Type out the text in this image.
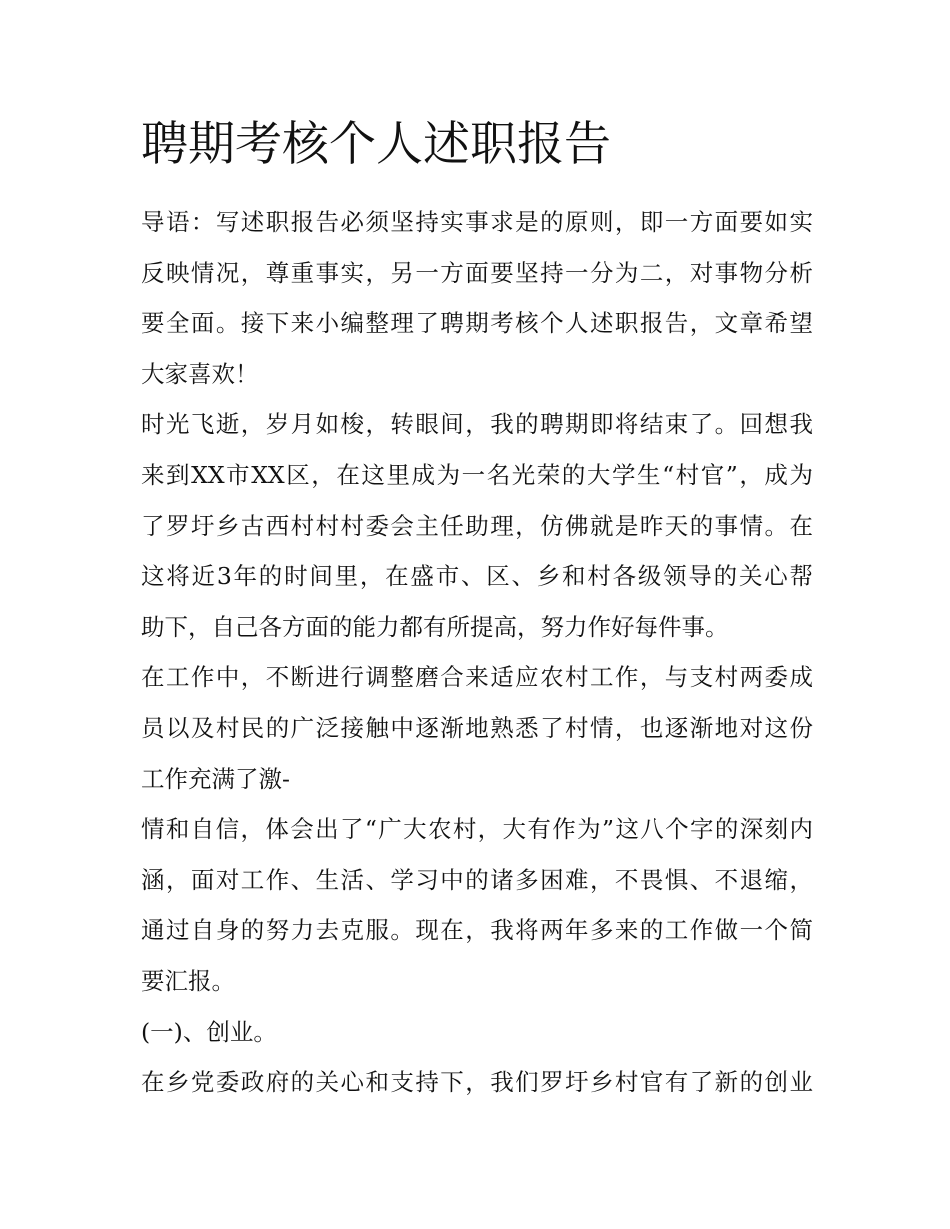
聘期考核个人述职报告
导语：写述职报告必须坚持实事求是的原则，即一方面要如实
反映情况，尊重事实，另一方面要坚持一分为二，对事物分析
要全面。接下来小编整理了聘期考核个人述职报告，文章希望
大家喜欢！
时光飞逝，岁月如梭，转眼间，我的聘期即将结束了。回想我
来到XX市XX区，在这里成为一名光荣的大学生“村官”，成为
了罗圩乡古西村村村委会主任助理，仿佛就是昨天的事情。在
这将近3年的时间里，在盛市、区、乡和村各级领导的关心帮
助下，自己各方面的能力都有所提高，努力作好每件事。
在工作中，不断进行调整磨合来适应农村工作，与支村两委成
员以及村民的广泛接触中逐渐地熟悉了村情，也逐渐地对这份
工作充满了激-
情和自信，体会出了“广大农村，大有作为”这八个字的深刻内
涵，面对工作、生活、学习中的诸多困难，不畏惧、不退缩，
通过自身的努力去克服。现在，我将两年多来的工作做一个简
要汇报。
(一)、创业。
在乡党委政府的关心和支持下，我们罗圩乡村官有了新的创业
